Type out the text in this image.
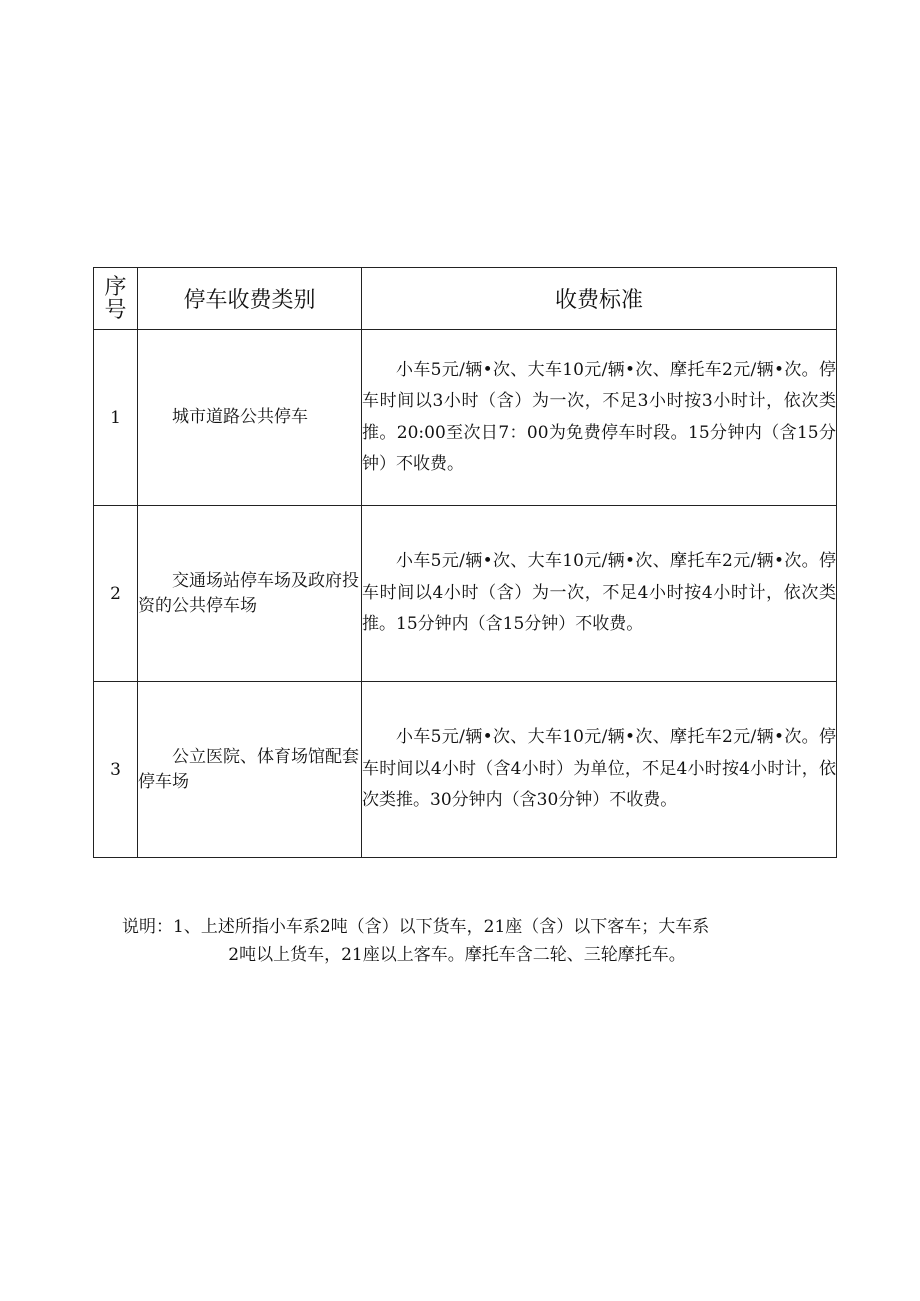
序
号	停车收费类别	收费标准
1	城市道路公共停车	小车5元/辆•次、大车10元/辆•次、摩托车2元/辆•次。停车时间以3小时（含）为一次，不足3小时按3小时计，依次类推。20:00至次日7：00为免费停车时段。15分钟内（含15分钟）不收费。
2	交通场站停车场及政府投资的公共停车场	小车5元/辆•次、大车10元/辆•次、摩托车2元/辆•次。停车时间以4小时（含）为一次，不足4小时按4小时计，依次类推。15分钟内（含15分钟）不收费。
3	公立医院、体育场馆配套停车场	小车5元/辆•次、大车10元/辆•次、摩托车2元/辆•次。停车时间以4小时（含4小时）为单位，不足4小时按4小时计，依次类推。30分钟内（含30分钟）不收费。
说明：1、上述所指小车系2吨（含）以下货车，21座（含）以下客车；大车系
2吨以上货车，21座以上客车。摩托车含二轮、三轮摩托车。
